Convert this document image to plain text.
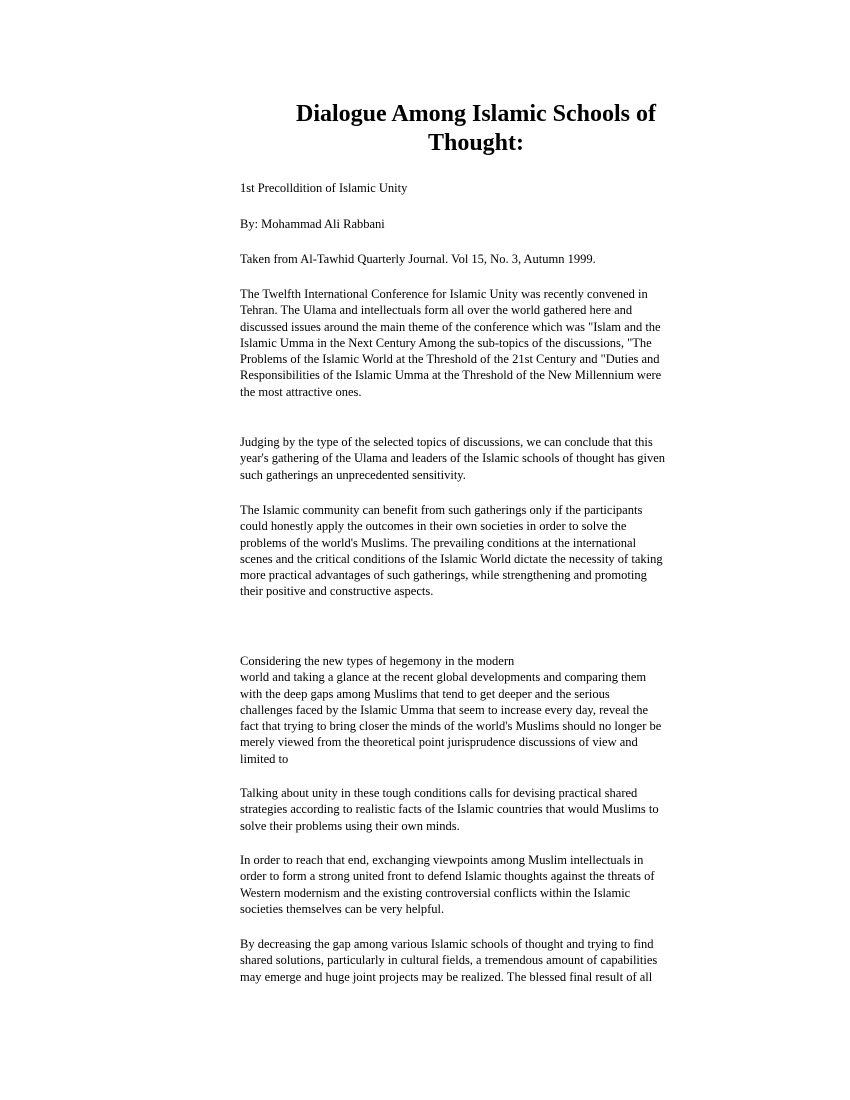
Dialogue Among Islamic Schools of
Thought:

1st Precolldition of Islamic Unity

By: Mohammad Ali Rabbani

Taken from Al-Tawhid Quarterly Journal. Vol 15, No. 3, Autumn 1999.

The Twelfth International Conference for Islamic Unity was recently convened in
Tehran. The Ulama and intellectuals form all over the world gathered here and
discussed issues around the main theme of the conference which was "Islam and the
Islamic Umma in the Next Century Among the sub-topics of the discussions, "The
Problems of the Islamic World at the Threshold of the 21st Century and "Duties and
Responsibilities of the Islamic Umma at the Threshold of the New Millennium were
the most attractive ones.
Judging by the type of the selected topics of discussions, we can conclude that this
year's gathering of the Ulama and leaders of the Islamic schools of thought has given
such gatherings an unprecedented sensitivity.
The Islamic community can benefit from such gatherings only if the participants
could honestly apply the outcomes in their own societies in order to solve the
problems of the world's Muslims. The prevailing conditions at the international
scenes and the critical conditions of the Islamic World dictate the necessity of taking
more practical advantages of such gatherings, while strengthening and promoting
their positive and constructive aspects.
Considering the new types of hegemony in the modern
world and taking a glance at the recent global developments and comparing them
with the deep gaps among Muslims that tend to get deeper and the serious
challenges faced by the Islamic Umma that seem to increase every day, reveal the
fact that trying to bring closer the minds of the world's Muslims should no longer be
merely viewed from the theoretical point jurisprudence discussions of view and
limited to
Talking about unity in these tough conditions calls for devising practical shared
strategies according to realistic facts of the Islamic countries that would Muslims to
solve their problems using their own minds.
In order to reach that end, exchanging viewpoints among Muslim intellectuals in
order to form a strong united front to defend Islamic thoughts against the threats of
Western modernism and the existing controversial conflicts within the Islamic
societies themselves can be very helpful.
By decreasing the gap among various Islamic schools of thought and trying to find
shared solutions, particularly in cultural fields, a tremendous amount of capabilities
may emerge and huge joint projects may be realized. The blessed final result of all
